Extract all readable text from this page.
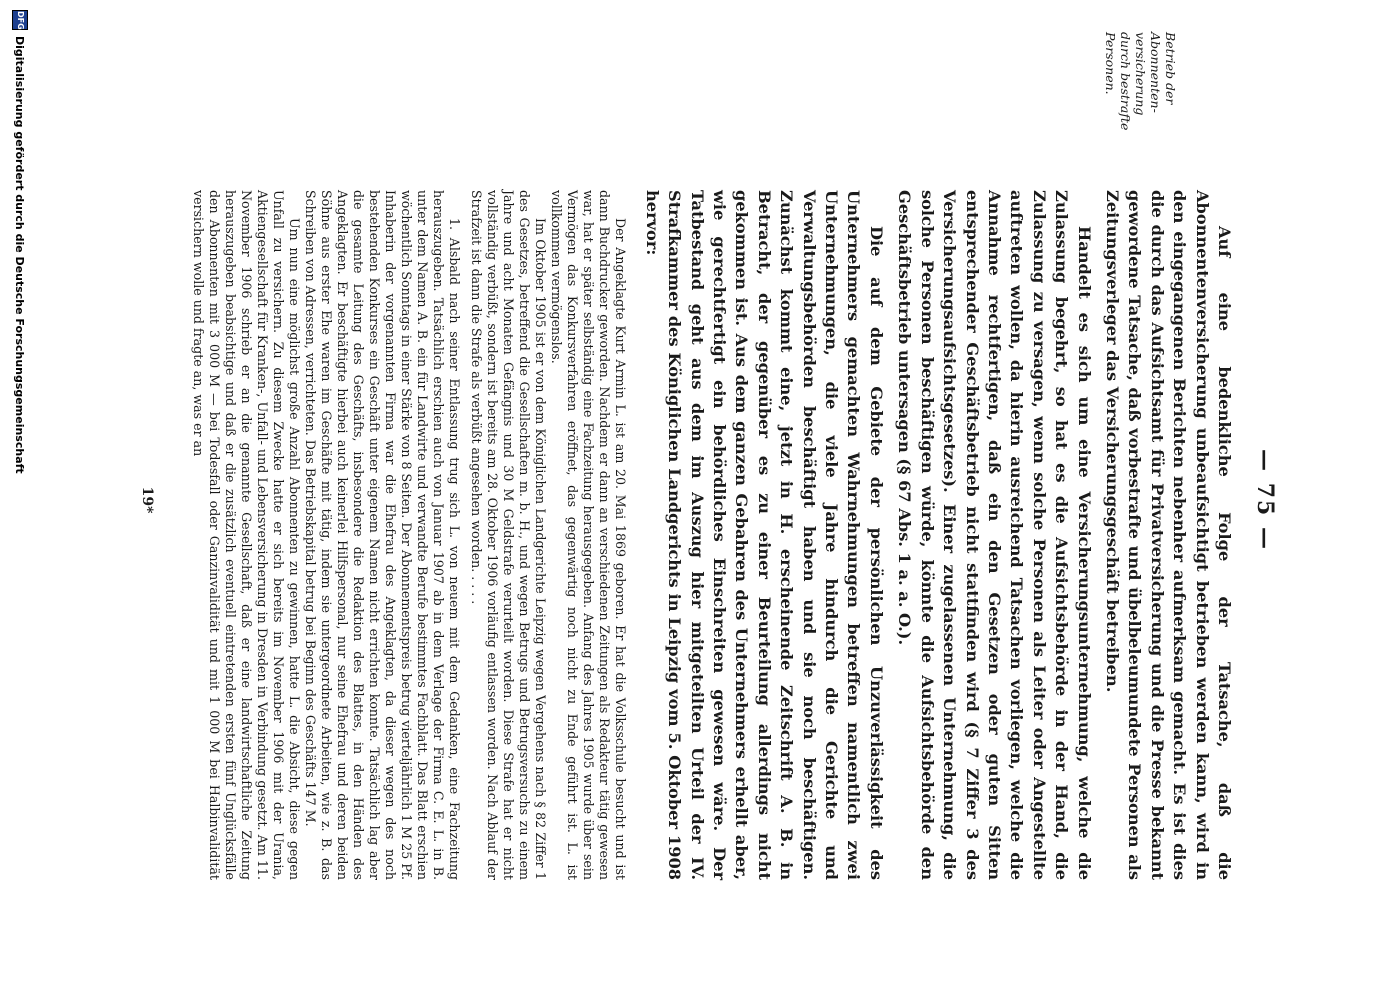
— 75 —
Betrieb der Abonnentenversicherung durch bestrafte Personen.

Auf eine bedenkliche Folge der Tatsache, daß die Abonnentenversicherung unbeaufsichtigt betrieben werden kann, wird in den eingegangenen Berichten nebenher aufmerksam gemacht. Es ist dies die durch das Aufsichtsamt für Privatversicherung und die Presse bekannt gewordene Tatsache, daß vorbestrafte und übelbeleumundete Personen als Zeitungsverleger das Versicherungsgeschäft betreiben.

Handelt es sich um eine Versicherungsunternehmung, welche die Zulassung begehrt, so hat es die Aufsichtsbehörde in der Hand, die Zulassung zu versagen, wenn solche Personen als Leiter oder Angestellte auftreten wollen, da hierin ausreichend Tatsachen vorliegen, welche die Annahme rechtfertigen, daß ein den Gesetzen oder guten Sitten entsprechender Geschäftsbetrieb nicht stattfinden wird (§ 7 Ziffer 3 des Versicherungsaufsichtsgesetzes). Einer zugelassenen Unternehmung, die solche Personen beschäftigen würde, könnte die Aufsichtsbehörde den Geschäftsbetrieb untersagen (§ 67 Abs. 1 a. a. O.).

Die auf dem Gebiete der persönlichen Unzuverlässigkeit des Unternehmers gemachten Wahrnehmungen betreffen namentlich zwei Unternehmungen, die viele Jahre hindurch die Gerichte und Verwaltungsbehörden beschäftigt haben und sie noch beschäftigen. Zunächst kommt eine, jetzt in H. erscheinende Zeitschrift A. B. in Betracht, der gegenüber es zu einer Beurteilung allerdings nicht gekommen ist. Aus dem ganzen Gebahren des Unternehmers erhellt aber, wie gerechtfertigt ein behördliches Einschreiten gewesen wäre. Der Tatbestand geht aus dem im Auszug hier mitgeteilten Urteil der IV. Strafkammer des Königlichen Landgerichts in Leipzig vom 5. Oktober 1908 hervor:

Der Angeklagte Kurt Armin L. ist am 20. Mai 1869 geboren. Er hat die Volksschule besucht und ist dann Buchdrucker geworden. Nachdem er dann an verschiedenen Zeitungen als Redakteur tätig gewesen war, hat er später selbständig eine Fachzeitung herausgegeben. Anfang des Jahres 1905 wurde über sein Vermögen das Konkursverfahren eröffnet, das gegenwärtig noch nicht zu Ende geführt ist. L. ist vollkommen vermögenslos.

Im Oktober 1905 ist er von dem Königlichen Landgerichte Leipzig wegen Vergehens nach § 82 Ziffer 1 des Gesetzes, betreffend die Gesellschaften m. b. H., und wegen Betrugs und Betrugsversuchs zu einem Jahre und acht Monaten Gefängnis und 30 M Geldstrafe verurteilt worden. Diese Strafe hat er nicht vollständig verbüßt, sondern ist bereits am 28. Oktober 1906 vorläufig entlassen worden. Nach Ablauf der Strafzeit ist dann die Strafe als verbüßt angesehen worden. . . . .

1. Alsbald nach seiner Entlassung trug sich L. von neuem mit dem Gedanken, eine Fachzeitung herauszugeben. Tatsächlich erschien auch von Januar 1907 ab in dem Verlage der Firma C. E. L. in B. unter dem Namen A. B. ein für Landwirte und verwandte Berufe bestimmtes Fachblatt. Das Blatt erschien wöchentlich Sonntags in einer Stärke von 8 Seiten. Der Abonnementspreis betrug vierteljährlich 1 M 25 Pf. Inhaberin der vorgenannten Firma war die Ehefrau des Angeklagten, da dieser wegen des noch bestehenden Konkurses ein Geschäft unter eigenem Namen nicht errichten konnte. Tatsächlich lag aber die gesamte Leitung des Geschäfts, insbesondere die Redaktion des Blattes, in den Händen des Angeklagten. Er beschäftigte hierbei auch keinerlei Hilfspersonal, nur seine Ehefrau und deren beiden Söhne aus erster Ehe waren im Geschäfte mit tätig, indem sie untergeordnete Arbeiten, wie z. B. das Schreiben von Adressen, verrichteten. Das Betriebskapital betrug bei Beginn des Geschäfts 147 M.

Um nun eine möglichst große Anzahl Abonnenten zu gewinnen, hatte L. die Absicht, diese gegen Unfall zu versichern. Zu diesem Zwecke hatte er sich bereits im November 1906 mit der Urania, Aktiengesellschaft für Kranken-, Unfall- und Lebensversicherung in Dresden in Verbindung gesetzt. Am 11. November 1906 schrieb er an die genannte Gesellschaft, daß er eine landwirtschaftliche Zeitung herauszugeben beabsichtige und daß er die zusätzlich eventuell eintretenden ersten fünf Unglücksfälle den Abonnenten mit 3 000 M — bei Todesfall oder Ganzinvalidität und mit 1 000 M bei Halbinvalidität versichern wolle und fragte an, was er an

19*
DFG
Digitalisierung gefördert durch die Deutsche Forschungsgemeinschaft
